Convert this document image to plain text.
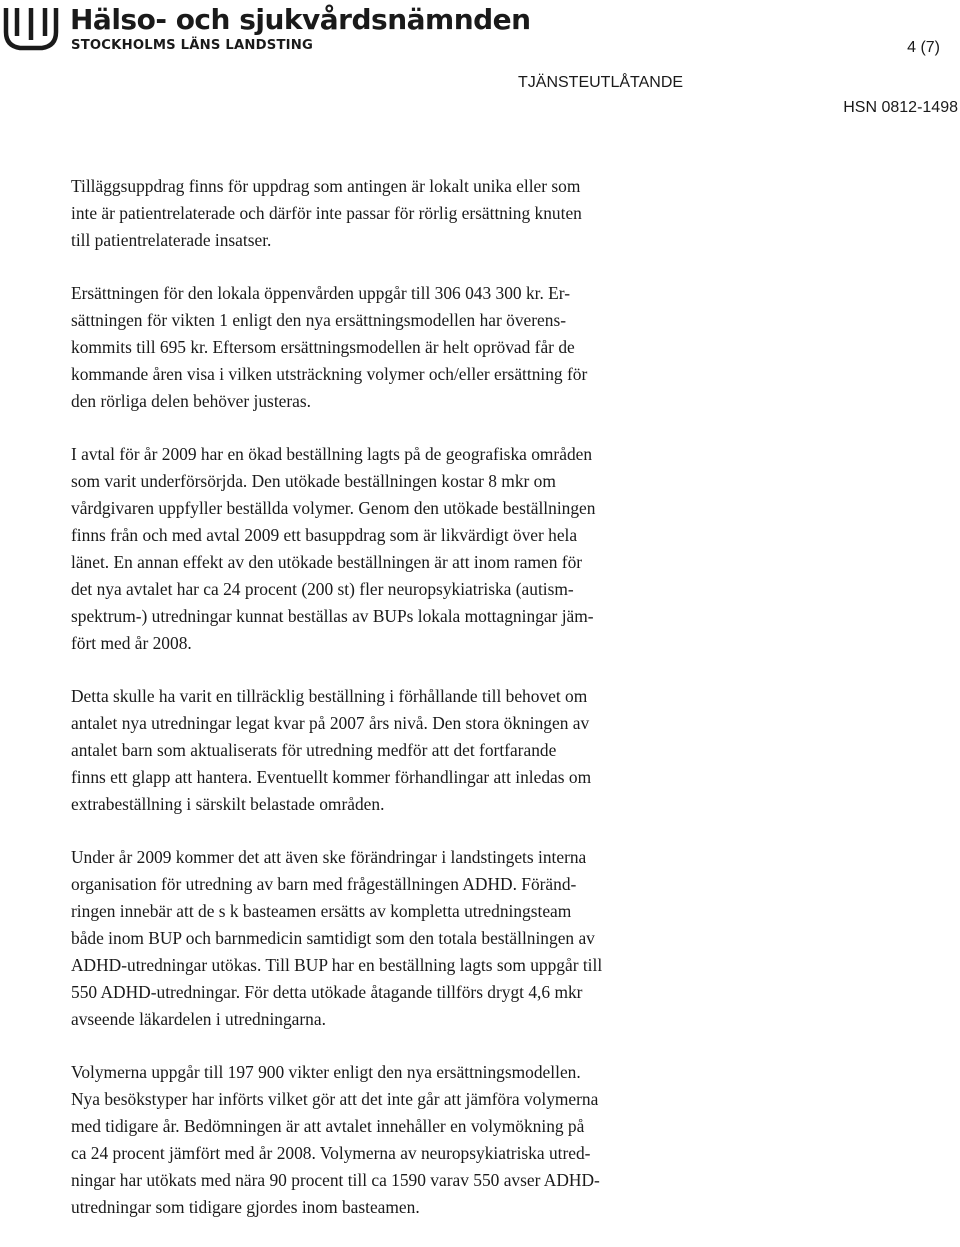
Hälso- och sjukvårdsnämnden
STOCKHOLMS LÄNS LANDSTING	4 (7)
TJÄNSTEUTLÅTANDE
HSN 0812-1498

Tilläggsuppdrag finns för uppdrag som antingen är lokalt unika eller som
inte är patientrelaterade och därför inte passar för rörlig ersättning knuten
till patientrelaterade insatser.

Ersättningen för den lokala öppenvården uppgår till 306 043 300 kr. Er-
sättningen för vikten 1 enligt den nya ersättningsmodellen har överens-
kommits till 695 kr. Eftersom ersättningsmodellen är helt oprövad får de
kommande åren visa i vilken utsträckning volymer och/eller ersättning för
den rörliga delen behöver justeras.

I avtal för år 2009 har en ökad beställning lagts på de geografiska områden
som varit underförsörjda. Den utökade beställningen kostar 8 mkr om
vårdgivaren uppfyller beställda volymer. Genom den utökade beställningen
finns från och med avtal 2009 ett basuppdrag som är likvärdigt över hela
länet. En annan effekt av den utökade beställningen är att inom ramen för
det nya avtalet har ca 24 procent (200 st) fler neuropsykiatriska (autism-
spektrum-) utredningar kunnat beställas av BUPs lokala mottagningar jäm-
fört med år 2008.

Detta skulle ha varit en tillräcklig beställning i förhållande till behovet om
antalet nya utredningar legat kvar på 2007 års nivå. Den stora ökningen av
antalet barn som aktualiserats för utredning medför att det fortfarande
finns ett glapp att hantera. Eventuellt kommer förhandlingar att inledas om
extrabeställning i särskilt belastade områden.

Under år 2009 kommer det att även ske förändringar i landstingets interna
organisation för utredning av barn med frågeställningen ADHD. Föränd-
ringen innebär att de s k basteamen ersätts av kompletta utredningsteam
både inom BUP och barnmedicin samtidigt som den totala beställningen av
ADHD-utredningar utökas. Till BUP har en beställning lagts som uppgår till
550 ADHD-utredningar. För detta utökade åtagande tillförs drygt 4,6 mkr
avseende läkardelen i utredningarna.

Volymerna uppgår till 197 900 vikter enligt den nya ersättningsmodellen.
Nya besökstyper har införts vilket gör att det inte går att jämföra volymerna
med tidigare år. Bedömningen är att avtalet innehåller en volymökning på
ca 24 procent jämfört med år 2008. Volymerna av neuropsykiatriska utred-
ningar har utökats med nära 90 procent till ca 1590 varav 550 avser ADHD-
utredningar som tidigare gjordes inom basteamen.
